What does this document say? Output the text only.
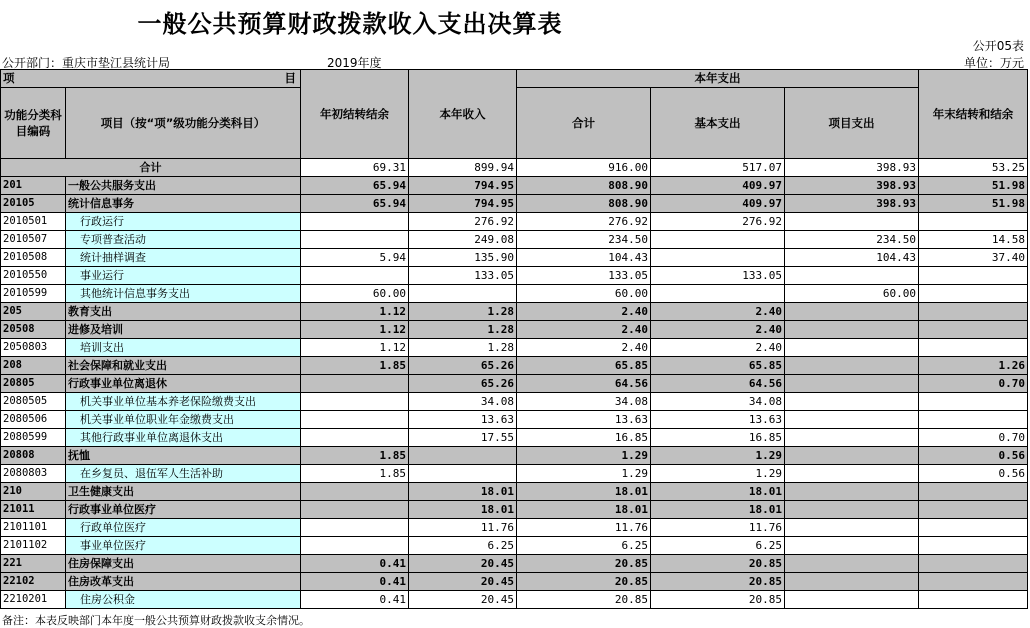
一般公共预算财政拨款收入支出决算表
公开05表
公开部门：重庆市垫江县统计局	2019年度	单位：万元
项 目		年初结转结余	本年收入	本年支出			年末结转和结余
功能分类科目编码	项目（按“项”级功能分类科目）			合计	基本支出	项目支出	

合计		69.31	899.94	916.00	517.07	398.93	53.25
201	一般公共服务支出	65.94	794.95	808.90	409.97	398.93	51.98
20105	统计信息事务	65.94	794.95	808.90	409.97	398.93	51.98
2010501	行政运行		276.92	276.92	276.92		
2010507	专项普查活动		249.08	234.50		234.50	14.58
2010508	统计抽样调查	5.94	135.90	104.43		104.43	37.40
2010550	事业运行		133.05	133.05	133.05		
2010599	其他统计信息事务支出	60.00		60.00		60.00	
205	教育支出	1.12	1.28	2.40	2.40		
20508	进修及培训	1.12	1.28	2.40	2.40		
2050803	培训支出	1.12	1.28	2.40	2.40		
208	社会保障和就业支出	1.85	65.26	65.85	65.85		1.26
20805	行政事业单位离退休		65.26	64.56	64.56		0.70
2080505	机关事业单位基本养老保险缴费支出		34.08	34.08	34.08		
2080506	机关事业单位职业年金缴费支出		13.63	13.63	13.63		
2080599	其他行政事业单位离退休支出		17.55	16.85	16.85		0.70
20808	抚恤	1.85		1.29	1.29		0.56
2080803	在乡复员、退伍军人生活补助	1.85		1.29	1.29		0.56
210	卫生健康支出		18.01	18.01	18.01		
21011	行政事业单位医疗		18.01	18.01	18.01		
2101101	行政单位医疗		11.76	11.76	11.76		
2101102	事业单位医疗		6.25	6.25	6.25		
221	住房保障支出	0.41	20.45	20.85	20.85		
22102	住房改革支出	0.41	20.45	20.85	20.85		
2210201	住房公积金	0.41	20.45	20.85	20.85		
备注：本表反映部门本年度一般公共预算财政拨款收支余情况。
